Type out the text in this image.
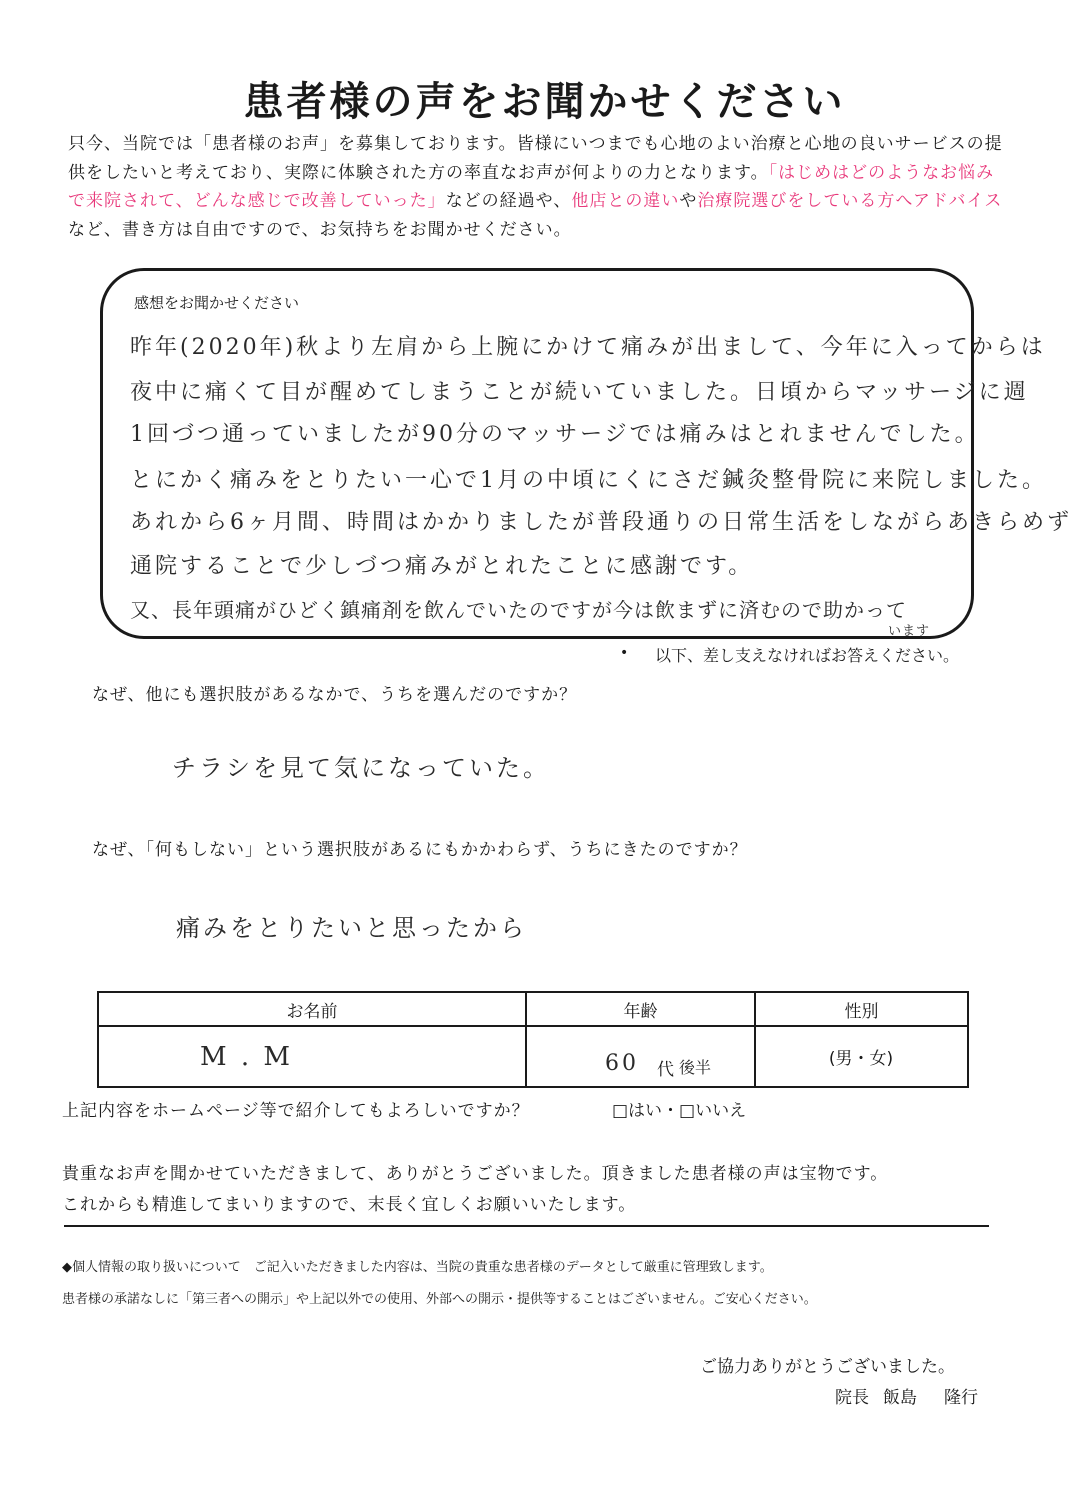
患者様の声をお聞かせください
只今、当院では「患者様のお声」を募集しております。皆様にいつまでも心地のよい治療と心地の良いサービスの提供をしたいと考えており、実際に体験された方の率直なお声が何よりの力となります。「はじめはどのようなお悩みで来院されて、どんな感じで改善していった」などの経過や、他店との違いや治療院選びをしている方へアドバイスなど、書き方は自由ですので、お気持ちをお聞かせください。
感想をお聞かせください
昨年(2020年)秋より左肩から上腕にかけて痛みが出まして、今年に入ってからは
夜中に痛くて目が醒めてしまうことが続いていました。日頃からマッサージに週
1回づつ通っていましたが90分のマッサージでは痛みはとれませんでした。
とにかく痛みをとりたい一心で1月の中頃にくにさだ鍼灸整骨院に来院しました。
あれから6ヶ月間、時間はかかりましたが普段通りの日常生活をしながらあきらめず
通院することで少しづつ痛みがとれたことに感謝です。
又、長年頭痛がひどく鎮痛剤を飲んでいたのですが今は飲まずに済むので助かって
います
• 以下、差し支えなければお答えください。
なぜ、他にも選択肢があるなかで、うちを選んだのですか？
チラシを見て気になっていた。
なぜ、「何もしない」という選択肢があるにもかかわらず、うちにきたのですか？
痛みをとりたいと思ったから
お名前	年齢	性別
M . M	60 代 後半	(男・女)
上記内容をホームページ等で紹介してもよろしいですか？	□はい・□いいえ
貴重なお声を聞かせていただきまして、ありがとうございました。頂きました患者様の声は宝物です。
これからも精進してまいりますので、末長く宜しくお願いいたします。
◆個人情報の取り扱いについて　ご記入いただきました内容は、当院の貴重な患者様のデータとして厳重に管理致します。
患者様の承諾なしに「第三者への開示」や上記以外での使用、外部への開示・提供等することはございません。ご安心ください。
ご協力ありがとうございました。
院長 飯島 隆行
